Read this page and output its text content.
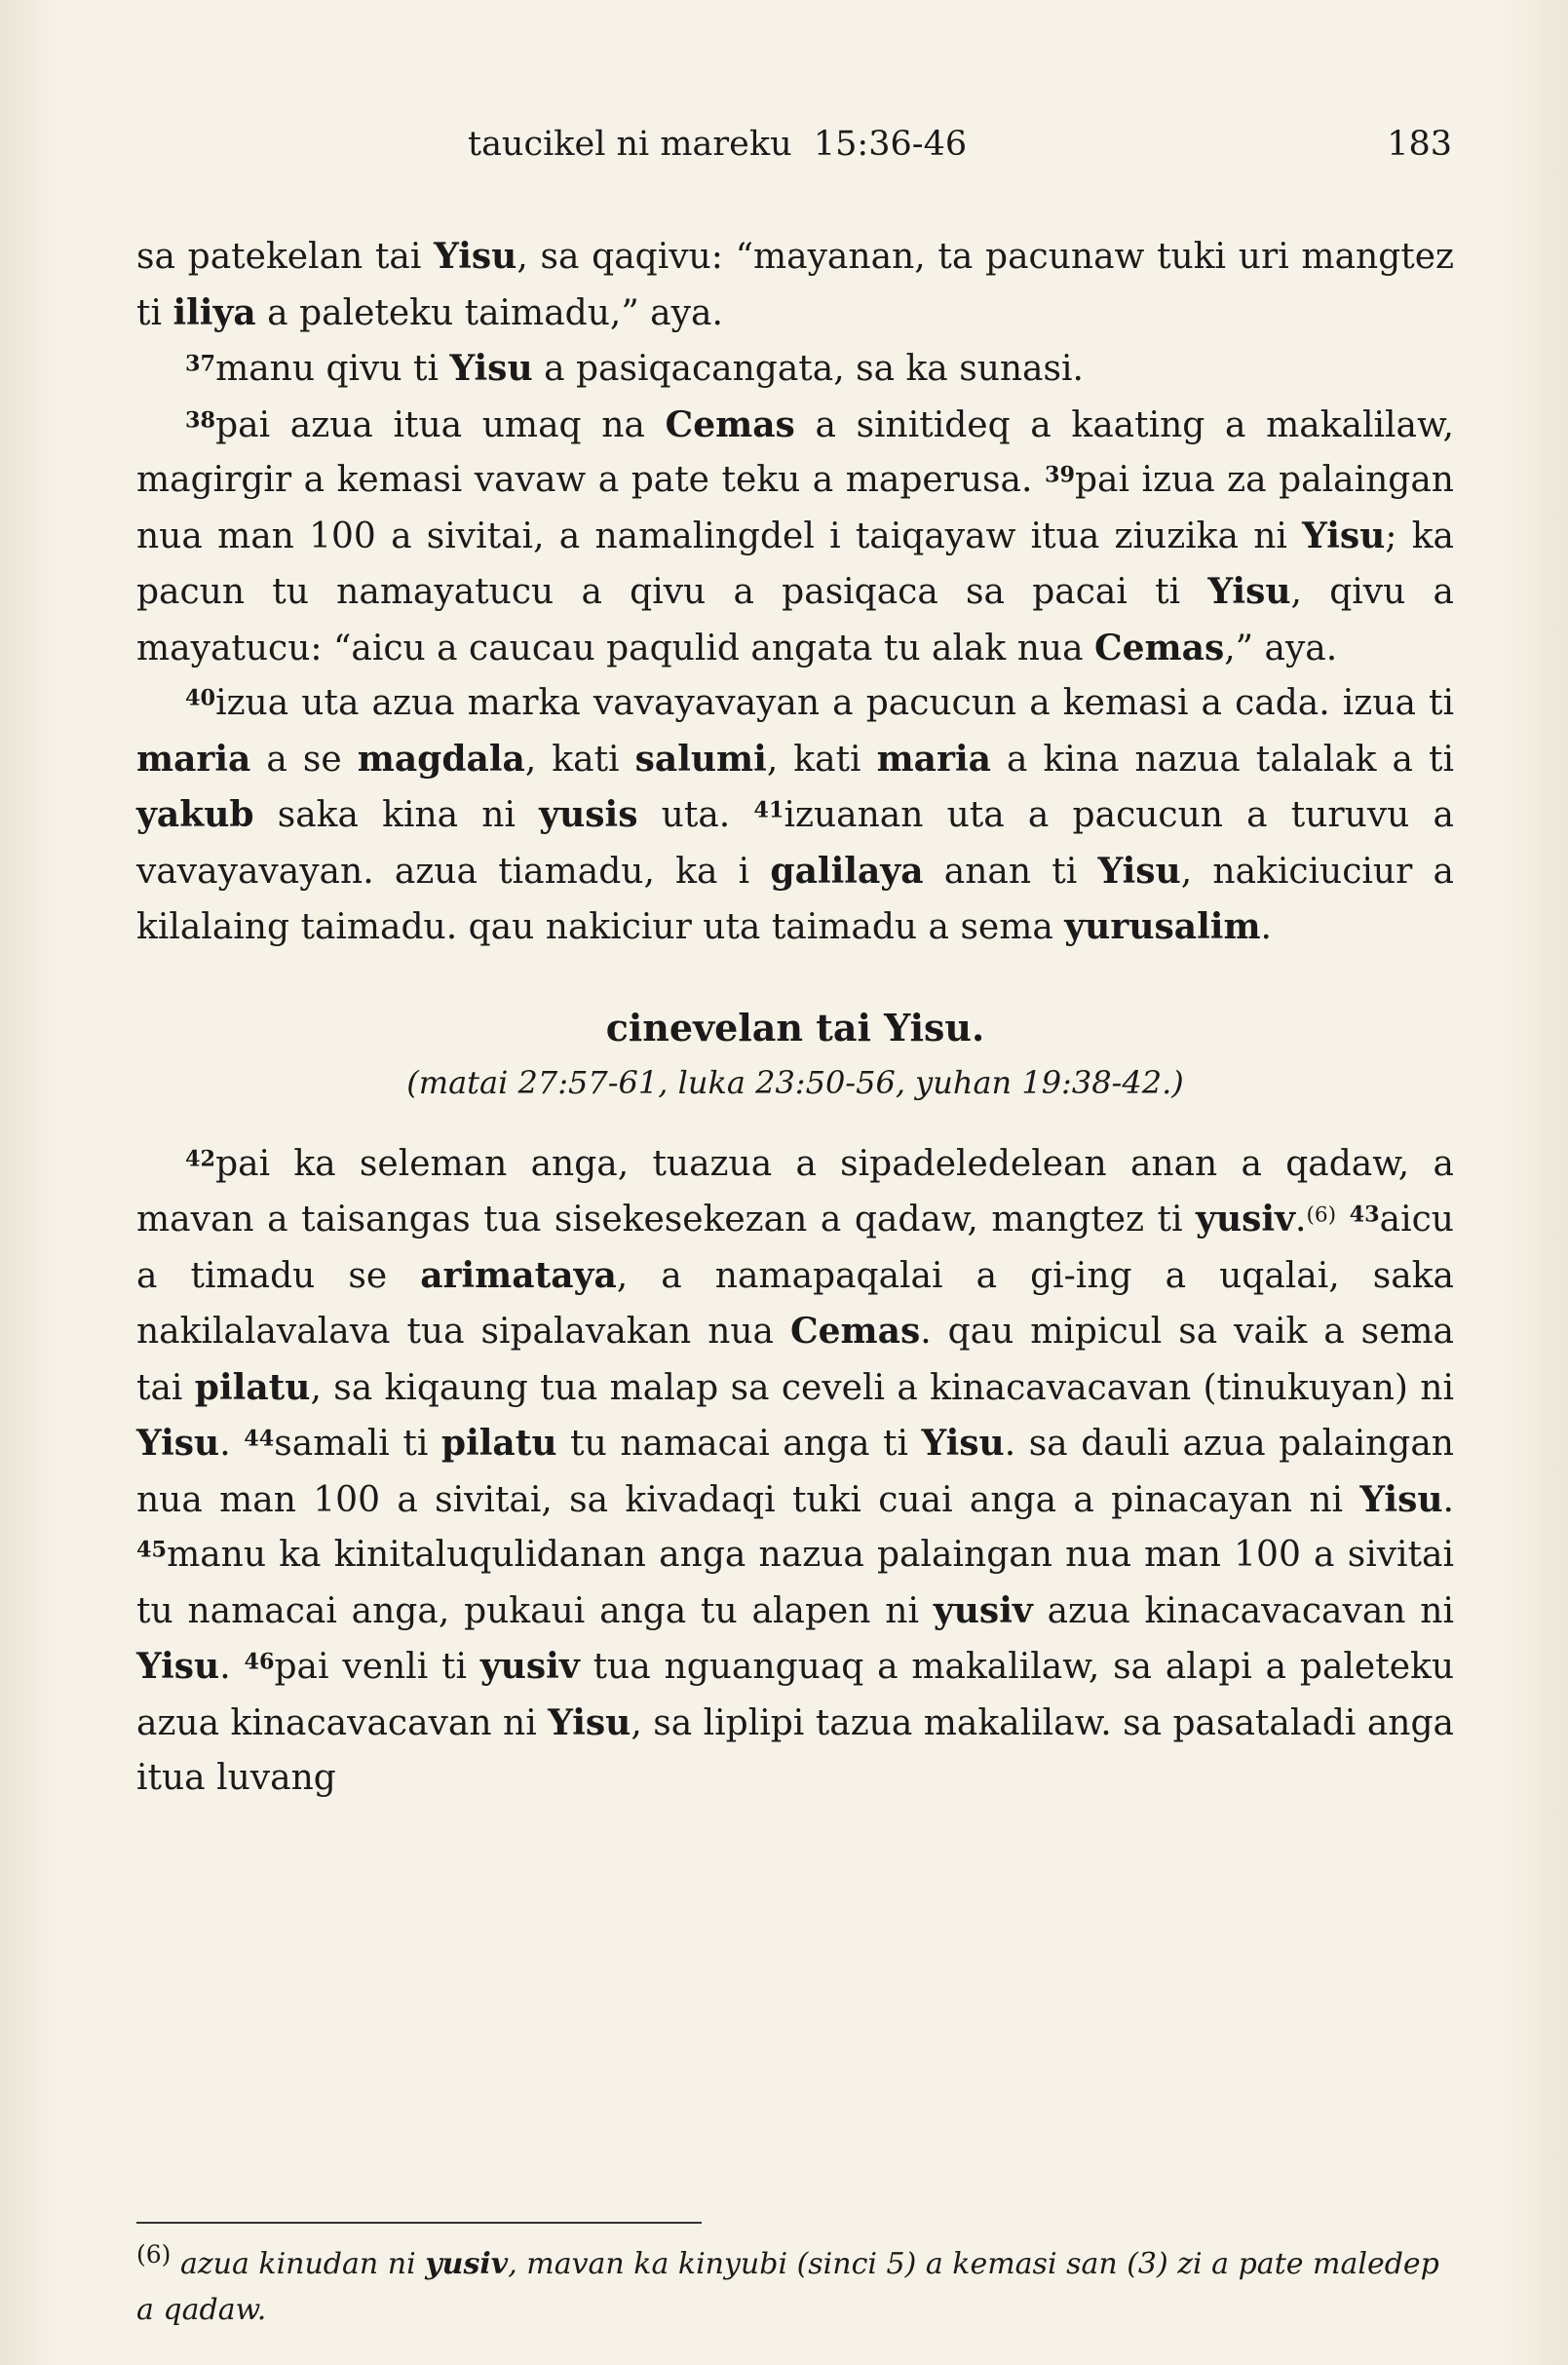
taucikel ni mareku 15:36-46	183

sa patekelan tai Yisu, sa qaqivu: “mayanan, ta pacunaw tuki uri mangtez ti iliya a paleteku taimadu,” aya.

$^{37}$manu qivu ti Yisu a pasiqacangata, sa ka sunasi.

$^{38}$pai azua itua umaq na Cemas a sinitideq a kaating a makalilaw, magirgir a kemasi vavaw a pate teku a maperusa. $^{39}$pai izua za palaingan nua man 100 a sivitai, a namalingdel i taiqayaw itua ziuzika ni Yisu; ka pacun tu namayatucu a qivu a pasiqaca sa pacai ti Yisu, qivu a mayatucu: “aicu a caucau paqulid angata tu alak nua Cemas,” aya.

$^{40}$izua uta azua marka vavayavayan a pacucun a kemasi a cada. izua ti maria a se magdala, kati salumi, kati maria a kina nazua talalak a ti yakub saka kina ni yusis uta. $^{41}$izuanan uta a pacucun a turuvu a vavayavayan. azua tiamadu, ka i galilaya anan ti Yisu, nakiciuciur a kilalaing taimadu. qau nakiciur uta taimadu a sema yurusalim.

cinevelan tai Yisu.
(matai 27:57-61, luka 23:50-56, yuhan 19:38-42.)

$^{42}$pai ka seleman anga, tuazua a sipadeledelean anan a qadaw, a mavan a taisangas tua sisekesekezan a qadaw, mangtez ti yusiv.$^{(6)}$ $^{43}$aicu a timadu se arimataya, a namapaqalai a gi-ing a uqalai, saka nakilalavalava tua sipalavakan nua Cemas. qau mipicul sa vaik a sema tai pilatu, sa kiqaung tua malap sa ceveli a kinacavacavan (tinukuyan) ni Yisu. $^{44}$samali ti pilatu tu namacai anga ti Yisu. sa dauli azua palaingan nua man 100 a sivitai, sa kivadaqi tuki cuai anga a pinacayan ni Yisu. $^{45}$manu ka kinitaluqulidanan anga nazua palaingan nua man 100 a sivitai tu namacai anga, pukaui anga tu alapen ni yusiv azua kinacavacavan ni Yisu. $^{46}$pai venli ti yusiv tua nguanguaq a makalilaw, sa alapi a paleteku azua kinacavacavan ni Yisu, sa liplipi tazua makalilaw. sa pasataladi anga itua luvang

$^{(6)}$ azua kinudan ni yusiv, mavan ka kinyubi (sinci 5) a kemasi san (3) zi a pate maledep a qadaw.
